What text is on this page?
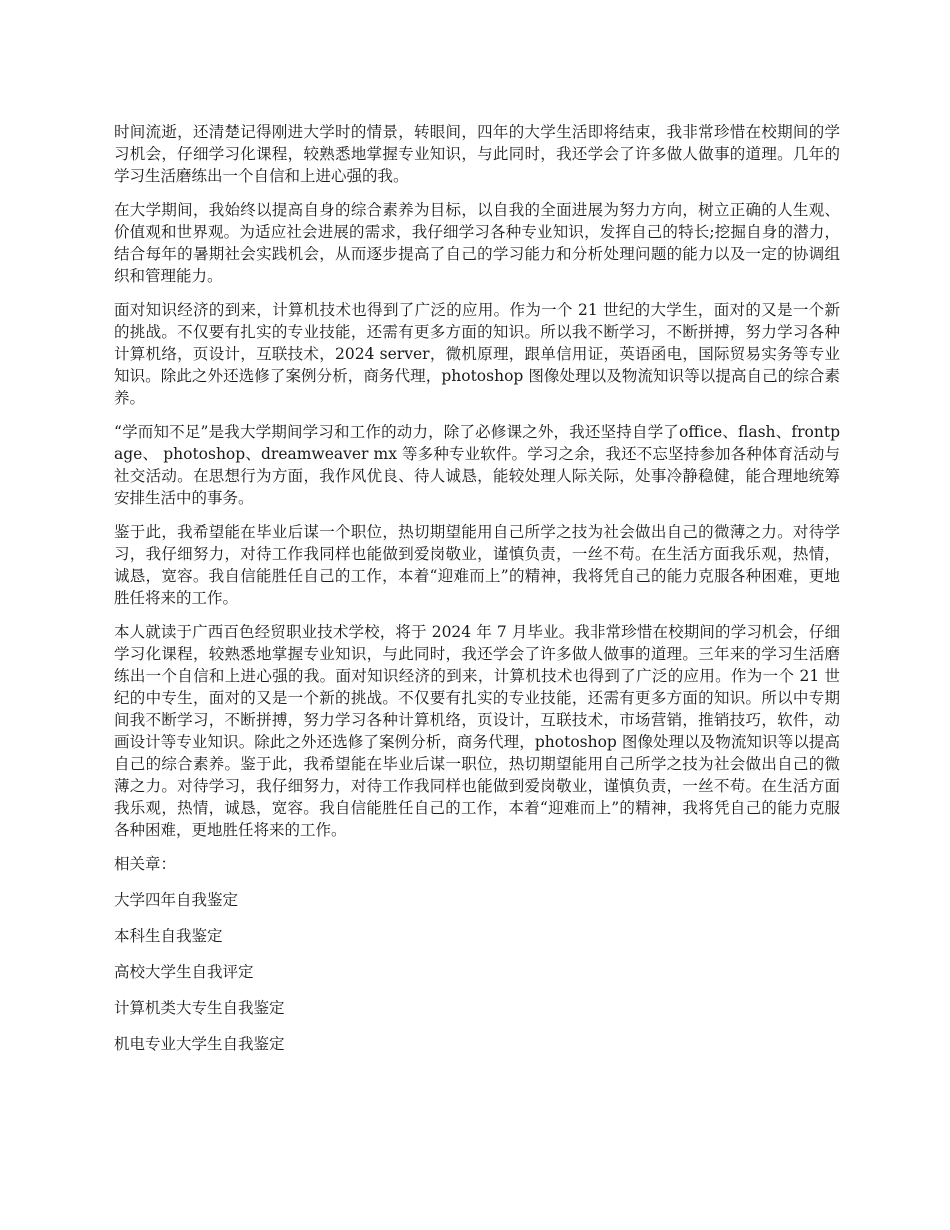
时间流逝，还清楚记得刚进大学时的情景，转眼间，四年的大学生活即将结束，我非常珍惜在校期间的学习机会，仔细学习化课程，较熟悉地掌握专业知识，与此同时，我还学会了许多做人做事的道理。几年的学习生活磨练出一个自信和上进心强的我。

在大学期间，我始终以提高自身的综合素养为目标，以自我的全面进展为努力方向，树立正确的人生观、价值观和世界观。为适应社会进展的需求，我仔细学习各种专业知识，发挥自己的特长;挖掘自身的潜力，结合每年的暑期社会实践机会，从而逐步提高了自己的学习能力和分析处理问题的能力以及一定的协调组织和管理能力。

面对知识经济的到来，计算机技术也得到了广泛的应用。作为一个 21 世纪的大学生，面对的又是一个新的挑战。不仅要有扎实的专业技能，还需有更多方面的知识。所以我不断学习，不断拼搏，努力学习各种计算机络，页设计，互联技术，2024 server，微机原理，跟单信用证，英语函电，国际贸易实务等专业知识。除此之外还选修了案例分析，商务代理，photoshop 图像处理以及物流知识等以提高自己的综合素养。

“学而知不足”是我大学期间学习和工作的动力，除了必修课之外，我还坚持自学了office、flash、frontpage、 photoshop、dreamweaver mx 等多种专业软件。学习之余，我还不忘坚持参加各种体育活动与社交活动。在思想行为方面，我作风优良、待人诚恳，能较处理人际关际，处事冷静稳健，能合理地统筹安排生活中的事务。

鉴于此，我希望能在毕业后谋一个职位，热切期望能用自己所学之技为社会做出自己的微薄之力。对待学习，我仔细努力，对待工作我同样也能做到爱岗敬业，谨慎负责，一丝不苟。在生活方面我乐观，热情，诚恳，宽容。我自信能胜任自己的工作，本着“迎难而上”的精神，我将凭自己的能力克服各种困难，更地胜任将来的工作。

本人就读于广西百色经贸职业技术学校，将于 2024 年 7 月毕业。我非常珍惜在校期间的学习机会，仔细学习化课程，较熟悉地掌握专业知识，与此同时，我还学会了许多做人做事的道理。三年来的学习生活磨练出一个自信和上进心强的我。面对知识经济的到来，计算机技术也得到了广泛的应用。作为一个 21 世纪的中专生，面对的又是一个新的挑战。不仅要有扎实的专业技能，还需有更多方面的知识。所以中专期间我不断学习，不断拼搏，努力学习各种计算机络，页设计，互联技术，市场营销，推销技巧，软件，动画设计等专业知识。除此之外还选修了案例分析，商务代理，photoshop 图像处理以及物流知识等以提高自己的综合素养。鉴于此，我希望能在毕业后谋一职位，热切期望能用自己所学之技为社会做出自己的微薄之力。对待学习，我仔细努力，对待工作我同样也能做到爱岗敬业，谨慎负责，一丝不苟。在生活方面我乐观，热情，诚恳，宽容。我自信能胜任自己的工作，本着“迎难而上”的精神，我将凭自己的能力克服各种困难，更地胜任将来的工作。

相关章：

大学四年自我鉴定
本科生自我鉴定
高校大学生自我评定
计算机类大专生自我鉴定
机电专业大学生自我鉴定
